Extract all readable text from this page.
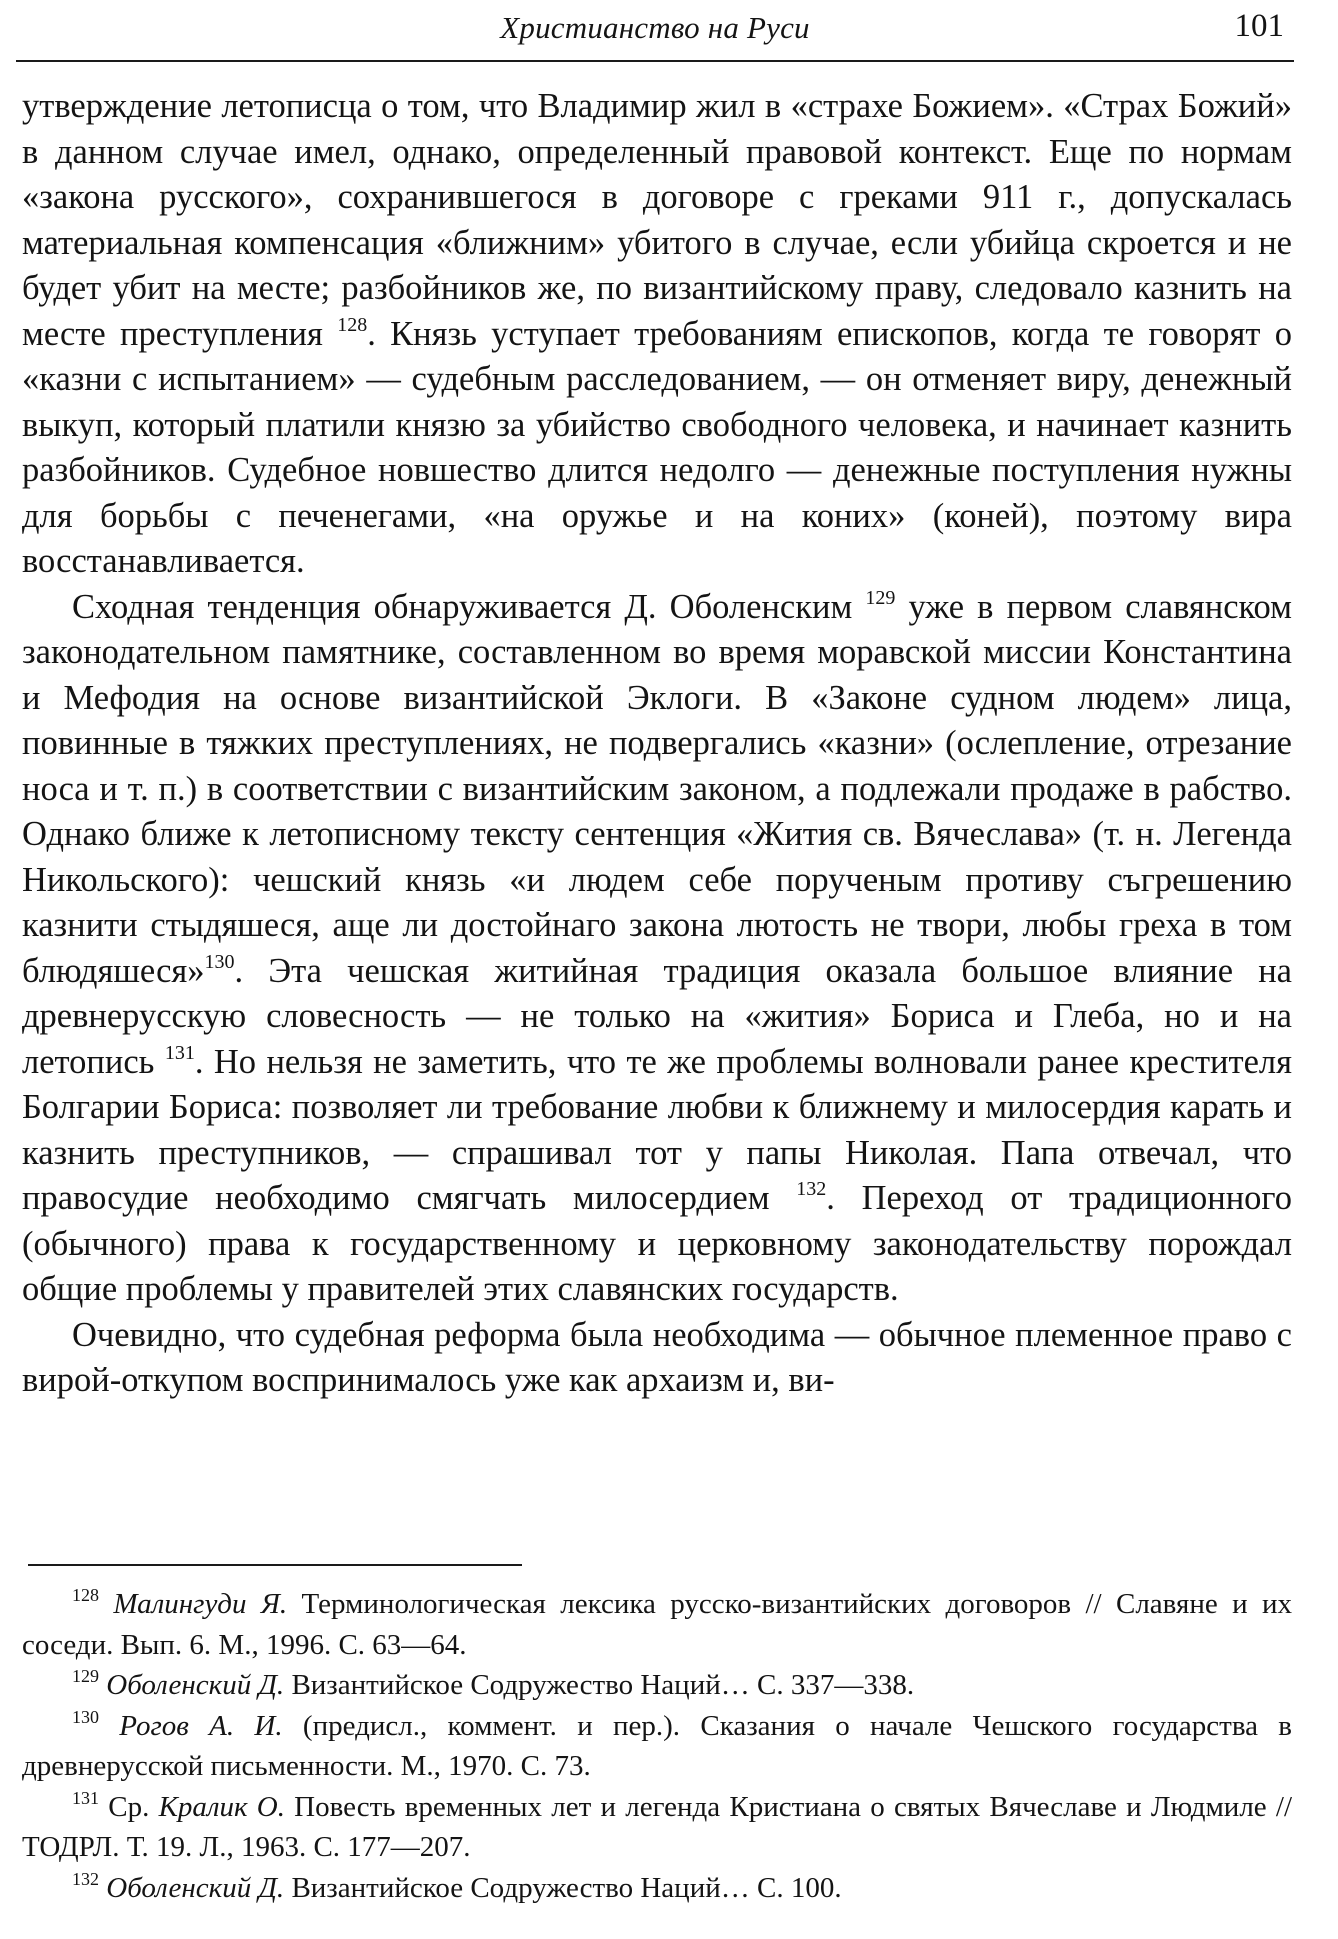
Христианство на Руси	101

утверждение летописца о том, что Владимир жил в «страхе Божием». «Страх Божий» в данном случае имел, однако, определенный правовой контекст. Еще по нормам «закона русского», сохранившегося в договоре с греками 911 г., допускалась материальная компенсация «ближним» убитого в случае, если убийца скроется и не будет убит на месте; разбойников же, по византийскому праву, следовало казнить на месте преступления $^{128}$. Князь уступает требованиям епископов, когда те говорят о «казни с испытанием» — судебным расследованием, — он отменяет виру, денежный выкуп, который платили князю за убийство свободного человека, и начинает казнить разбойников. Судебное новшество длится недолго — денежные поступления нужны для борьбы с печенегами, «на оружье и на коних» (коней), поэтому вира восстанавливается.

Сходная тенденция обнаруживается Д. Оболенским $^{129}$ уже в первом славянском законодательном памятнике, составленном во время моравской миссии Константина и Мефодия на основе византийской Эклоги. В «Законе судном людем» лица, повинные в тяжких преступлениях, не подвергались «казни» (ослепление, отрезание носа и т. п.) в соответствии с византийским законом, а подлежали продаже в рабство. Однако ближе к летописному тексту сентенция «Жития св. Вячеслава» (т. н. Легенда Никольского): чешский князь «и людем себе порученым противу съгрешению казнити стыдяшеся, аще ли достойнаго закона лютость не твори, любы греха в том блюдяшеся»$^{130}$. Эта чешская житийная традиция оказала большое влияние на древнерусскую словесность — не только на «жития» Бориса и Глеба, но и на летопись $^{131}$. Но нельзя не заметить, что те же проблемы волновали ранее крестителя Болгарии Бориса: позволяет ли требование любви к ближнему и милосердия карать и казнить преступников, — спрашивал тот у папы Николая. Папа отвечал, что правосудие необходимо смягчать милосердием $^{132}$. Переход от традиционного (обычного) права к государственному и церковному законодательству порождал общие проблемы у правителей этих славянских государств.

Очевидно, что судебная реформа была необходима — обычное племенное право с вирой-откупом воспринималось уже как архаизм и, ви-

$^{128}$ Малингуди Я. Терминологическая лексика русско-византийских договоров // Славяне и их соседи. Вып. 6. М., 1996. С. 63—64.

$^{129}$ Оболенский Д. Византийское Содружество Наций… С. 337—338.

$^{130}$ Рогов А. И. (предисл., коммент. и пер.). Сказания о начале Чешского государства в древнерусской письменности. М., 1970. С. 73.

$^{131}$ Ср. Кралик О. Повесть временных лет и легенда Кристиана о святых Вячеславе и Людмиле // ТОДРЛ. Т. 19. Л., 1963. С. 177—207.

$^{132}$ Оболенский Д. Византийское Содружество Наций… С. 100.
